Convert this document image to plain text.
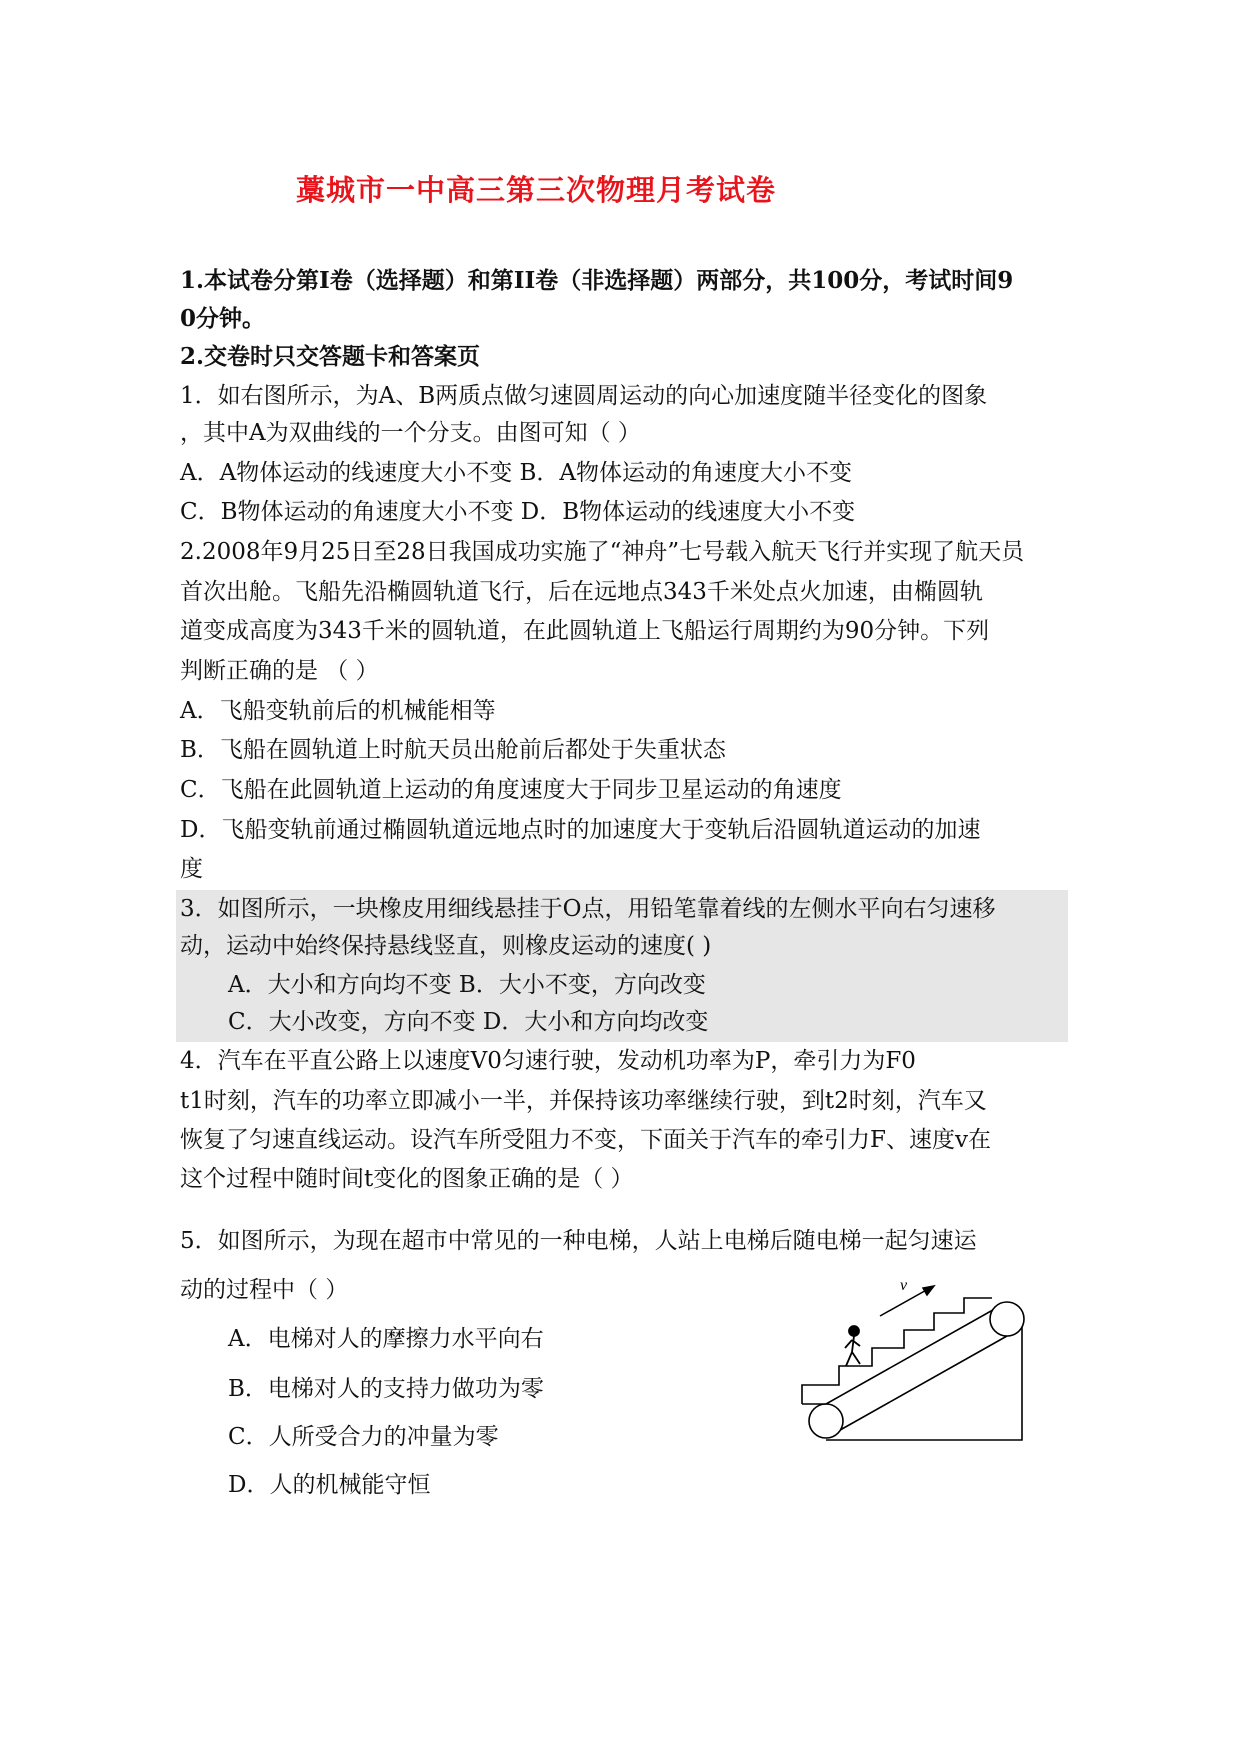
藁城市一中高三第三次物理月考试卷
1.本试卷分第I卷（选择题）和第II卷（非选择题）两部分，共100分，考试时间9
0分钟。
2.交卷时只交答题卡和答案页
1．如右图所示，为A、B两质点做匀速圆周运动的向心加速度随半径变化的图象
，其中A为双曲线的一个分支。由图可知（ ）
A．A物体运动的线速度大小不变 B．A物体运动的角速度大小不变
C．B物体运动的角速度大小不变 D．B物体运动的线速度大小不变
2.2008年9月25日至28日我国成功实施了“神舟”七号载入航天飞行并实现了航天员
首次出舱。飞船先沿椭圆轨道飞行，后在远地点343千米处点火加速，由椭圆轨
道变成高度为343千米的圆轨道，在此圆轨道上飞船运行周期约为90分钟。下列
判断正确的是 （ ）
A．飞船变轨前后的机械能相等
B．飞船在圆轨道上时航天员出舱前后都处于失重状态
C．飞船在此圆轨道上运动的角度速度大于同步卫星运动的角速度
D．飞船变轨前通过椭圆轨道远地点时的加速度大于变轨后沿圆轨道运动的加速
度
3．如图所示，一块橡皮用细线悬挂于O点，用铅笔靠着线的左侧水平向右匀速移
动，运动中始终保持悬线竖直，则橡皮运动的速度( )
A．大小和方向均不变 B．大小不变，方向改变
C．大小改变，方向不变 D．大小和方向均改变
4．汽车在平直公路上以速度V0匀速行驶，发动机功率为P，牵引力为F0
t1时刻，汽车的功率立即减小一半，并保持该功率继续行驶，到t2时刻，汽车又
恢复了匀速直线运动。设汽车所受阻力不变，下面关于汽车的牵引力F、速度v在
这个过程中随时间t变化的图象正确的是（ ）
5．如图所示，为现在超市中常见的一种电梯，人站上电梯后随电梯一起匀速运
动的过程中（ ）
A．电梯对人的摩擦力水平向右
B．电梯对人的支持力做功为零
C．人所受合力的冲量为零
D．人的机械能守恒
v
